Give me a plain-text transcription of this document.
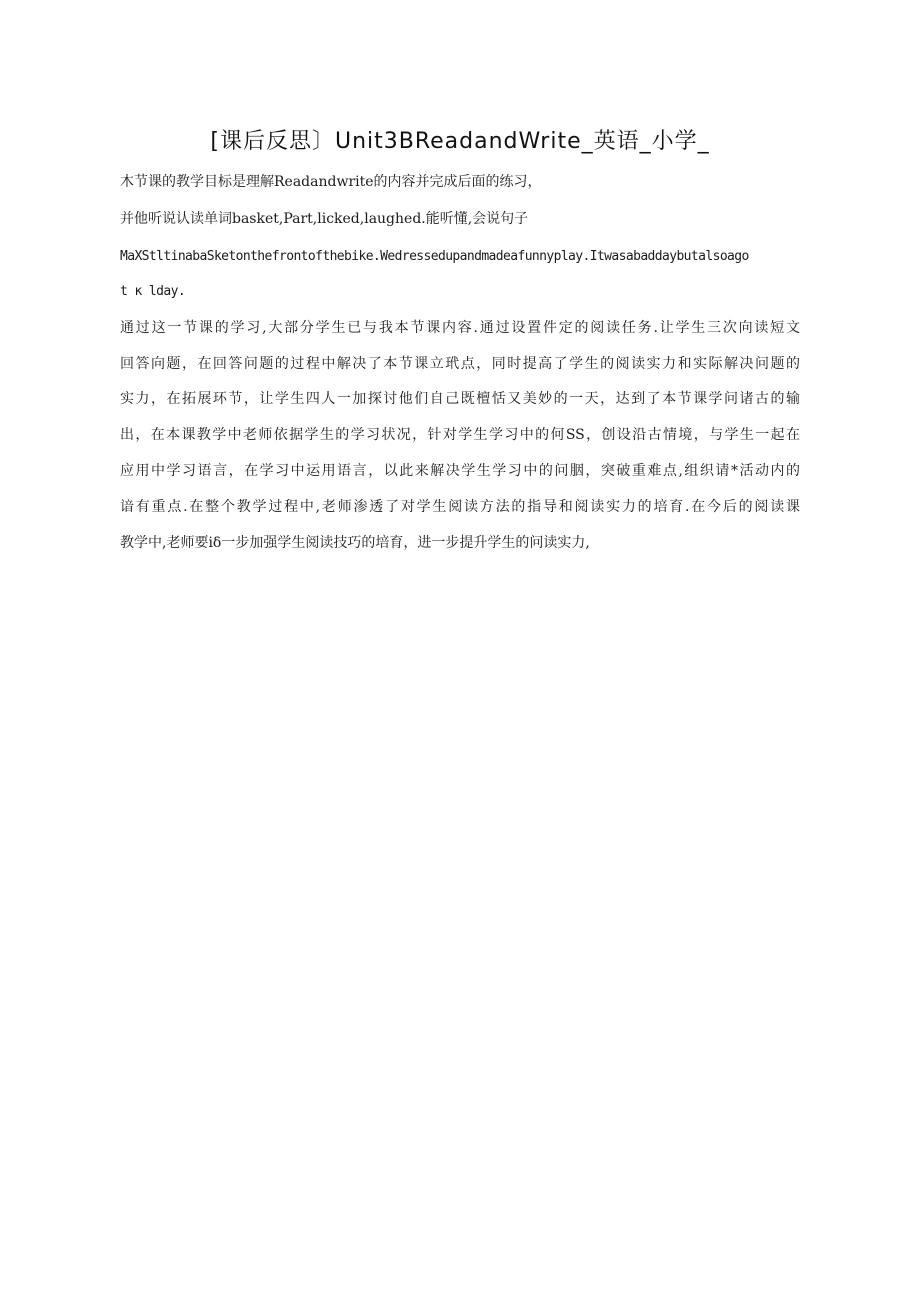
[课后反思〕Unit3BReadandWrite_英语_小学_
木节课的教学目标是理解Readandwrite的内容并完成后面的练习，
并他听说认读单词basket,Part,licked,laughed.能听懂,会说句子
MaXStltinabaSketonthefrontofthebike.Wedressedupandmadeafunnyplay.Itwasabaddaybutalsoago
t к lday.
通过这一节课的学习,大部分学生已与我本节课内容.通过设置件定的阅读任务.让学生三次向读短文
回答向题，在回答问题的过程中解决了本节课立玳点，同时提高了学生的阅读实力和实际解决问题的
实力，在拓展环节，让学生四人一加探讨他们自己既檀恬又美妙的一天，达到了本节课学问诸古的输
出，在本课教学中老师依据学生的学习状况，针对学生学习中的何SS，创设沿古情境，与学生一起在
应用中学习语言，在学习中运用语言，以此来解决学生学习中的问胭，突破重难点,组织请*活动内的
谙有重点.在整个教学过程中,老师渗透了对学生阅读方法的指导和阅读实力的培育.在今后的阅读课
教学中,老师要iδ一步加强学生阅读技巧的培育，进一步提升学生的问读实力,
